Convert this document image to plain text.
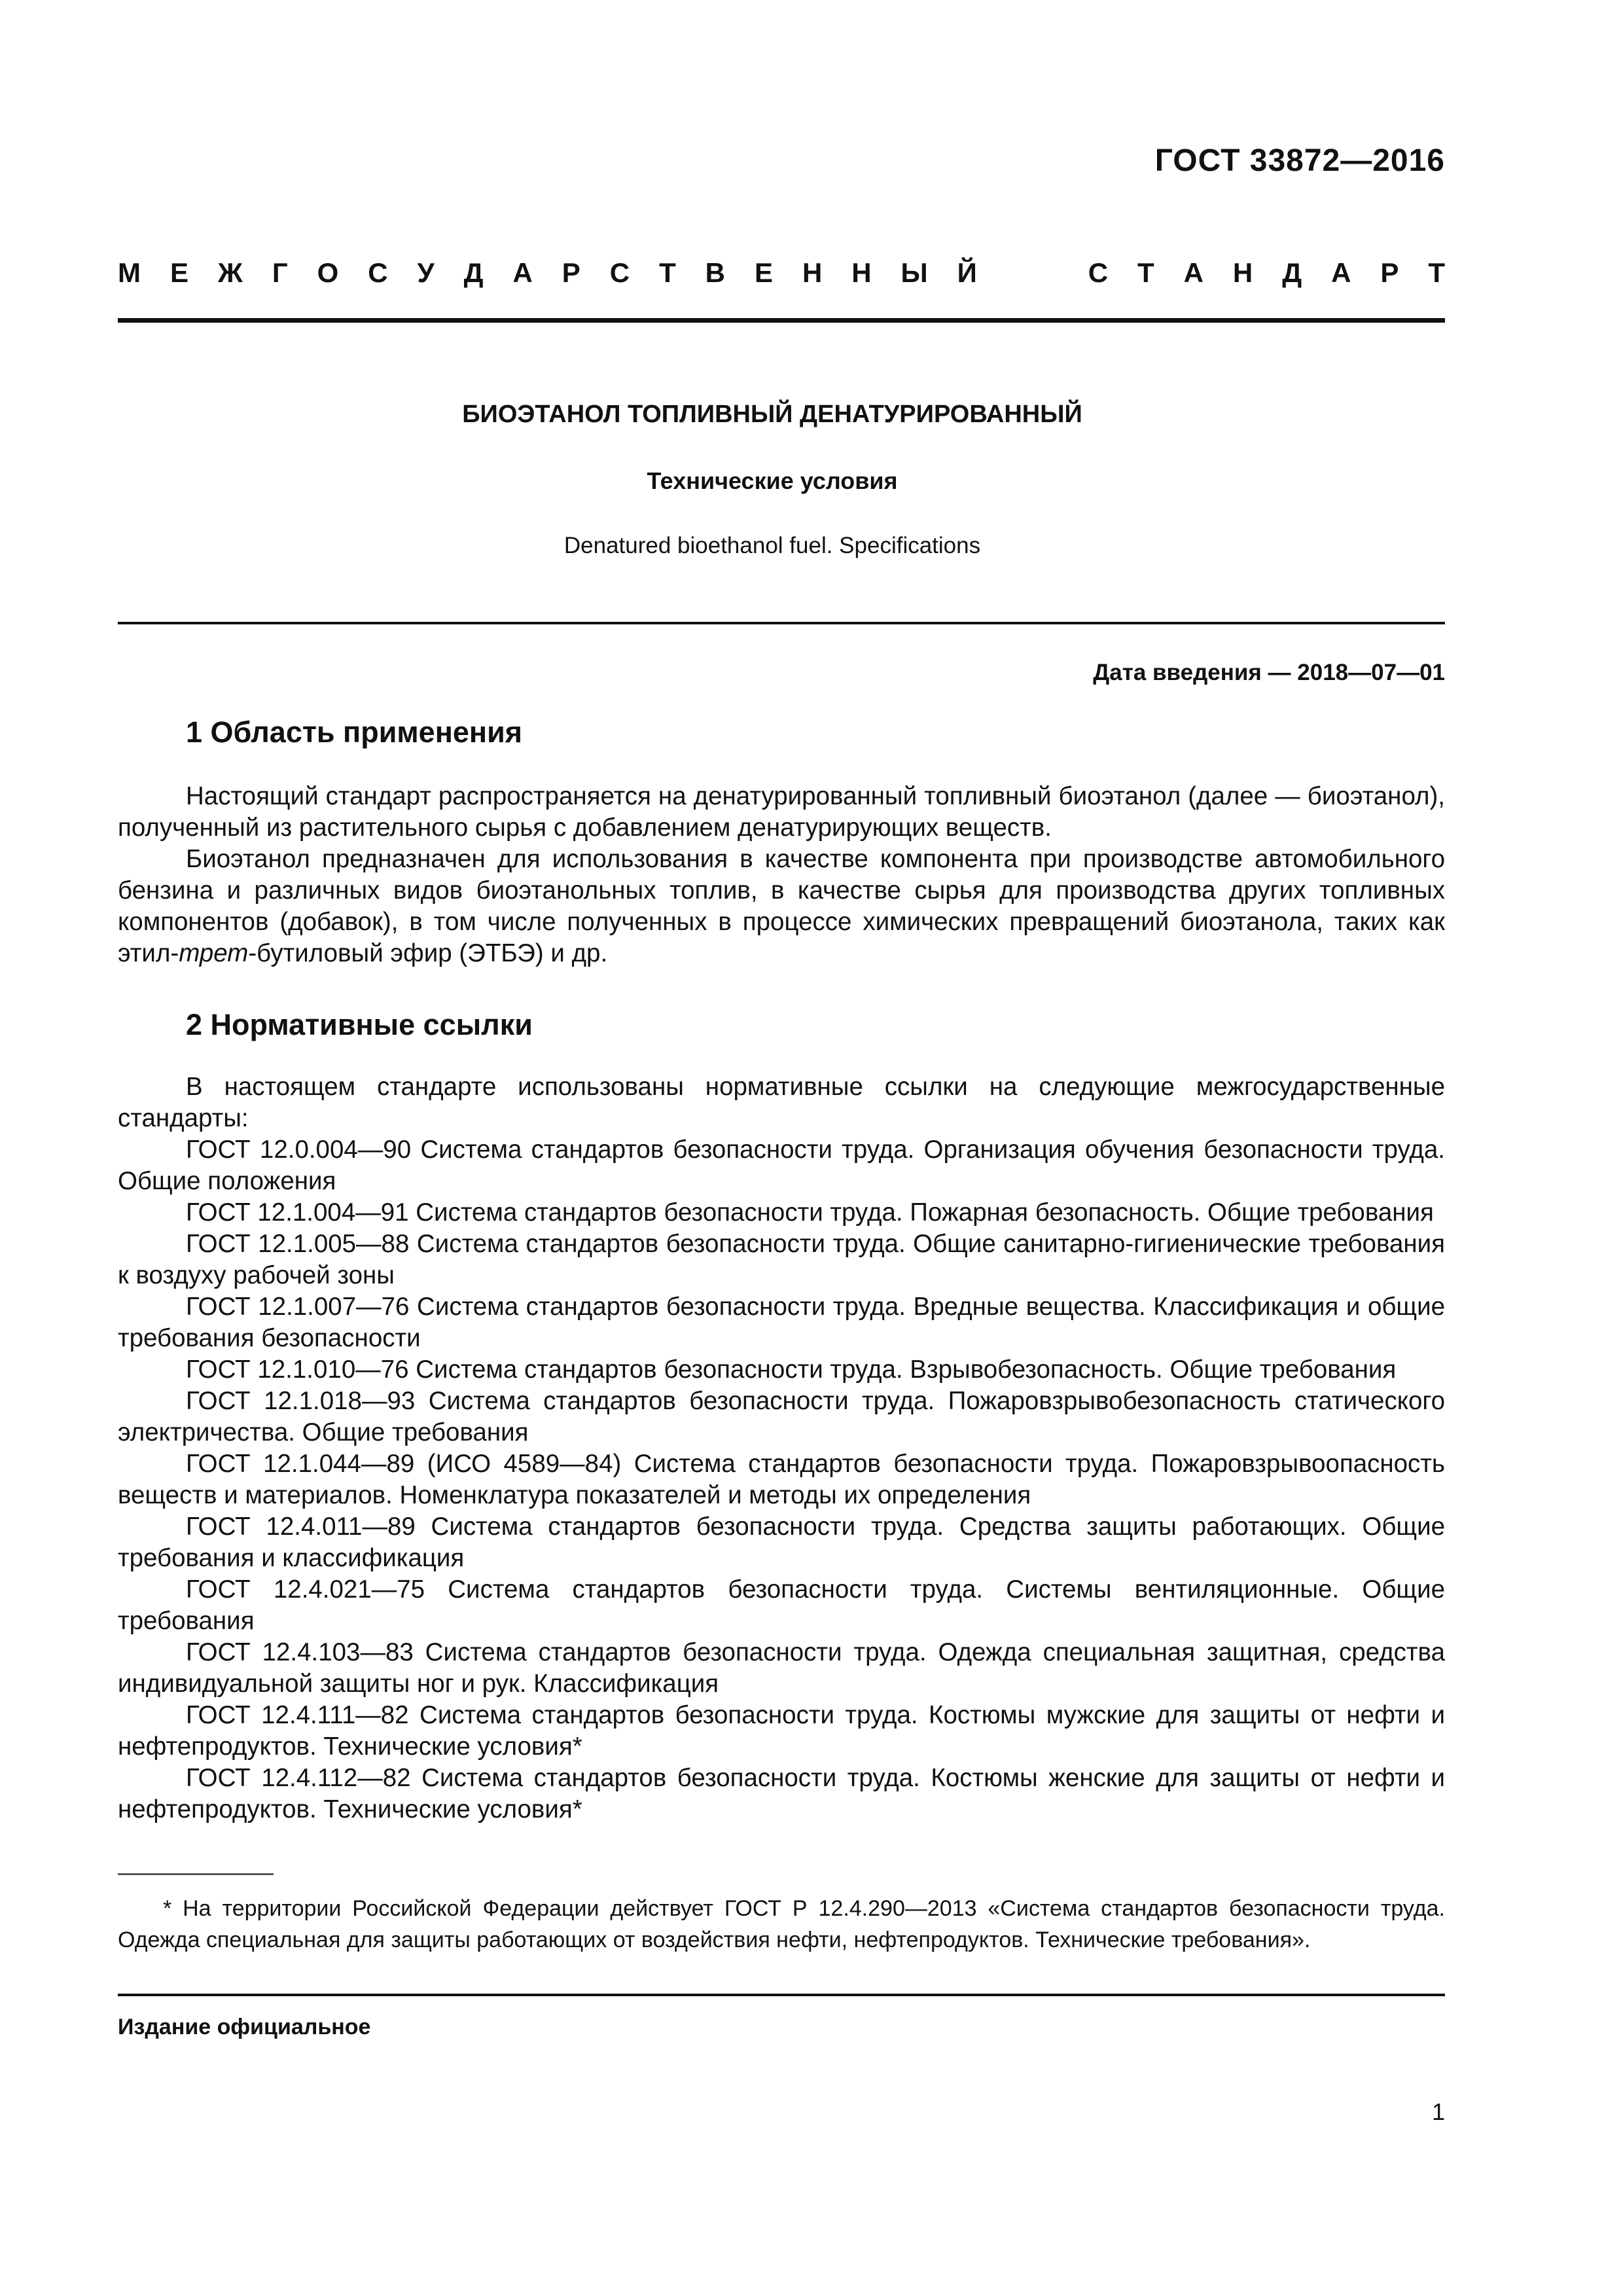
ГОСТ 33872—2016
М Е Ж Г О С У Д А Р С Т В Е Н Н Ы Й	С Т А Н Д А Р Т
БИОЭТАНОЛ ТОПЛИВНЫЙ ДЕНАТУРИРОВАННЫЙ
Технические условия
Denatured bioethanol fuel. Specifications
Дата введения — 2018—07—01
1 Область применения

Настоящий стандарт распространяется на денатурированный топливный биоэтанол (далее — биоэтанол), полученный из растительного сырья с добавлением денатурирующих веществ.

Биоэтанол предназначен для использования в качестве компонента при производстве автомобильного бензина и различных видов биоэтанольных топлив, в качестве сырья для производства других топливных компонентов (добавок), в том числе полученных в процессе химических превращений биоэтанола, таких как этил-трет-бутиловый эфир (ЭТБЭ) и др.

2 Нормативные ссылки

В настоящем стандарте использованы нормативные ссылки на следующие межгосударственные стандарты:

ГОСТ 12.0.004—90 Система стандартов безопасности труда. Организация обучения безопасности труда. Общие положения

ГОСТ 12.1.004—91 Система стандартов безопасности труда. Пожарная безопасность. Общие требования

ГОСТ 12.1.005—88 Система стандартов безопасности труда. Общие санитарно-гигиенические требования к воздуху рабочей зоны

ГОСТ 12.1.007—76 Система стандартов безопасности труда. Вредные вещества. Классификация и общие требования безопасности

ГОСТ 12.1.010—76 Система стандартов безопасности труда. Взрывобезопасность. Общие требования

ГОСТ 12.1.018—93 Система стандартов безопасности труда. Пожаровзрывобезопасность статического электричества. Общие требования

ГОСТ 12.1.044—89 (ИСО 4589—84) Система стандартов безопасности труда. Пожаровзрывоопасность веществ и материалов. Номенклатура показателей и методы их определения

ГОСТ 12.4.011—89 Система стандартов безопасности труда. Средства защиты работающих. Общие требования и классификация

ГОСТ 12.4.021—75 Система стандартов безопасности труда. Системы вентиляционные. Общие требования

ГОСТ 12.4.103—83 Система стандартов безопасности труда. Одежда специальная защитная, средства индивидуальной защиты ног и рук. Классификация

ГОСТ 12.4.111—82 Система стандартов безопасности труда. Костюмы мужские для защиты от нефти и нефтепродуктов. Технические условия*

ГОСТ 12.4.112—82 Система стандартов безопасности труда. Костюмы женские для защиты от нефти и нефтепродуктов. Технические условия*

* На территории Российской Федерации действует ГОСТ Р 12.4.290—2013 «Система стандартов безопасности труда. Одежда специальная для защиты работающих от воздействия нефти, нефтепродуктов. Технические требования».
Издание официальное
1
